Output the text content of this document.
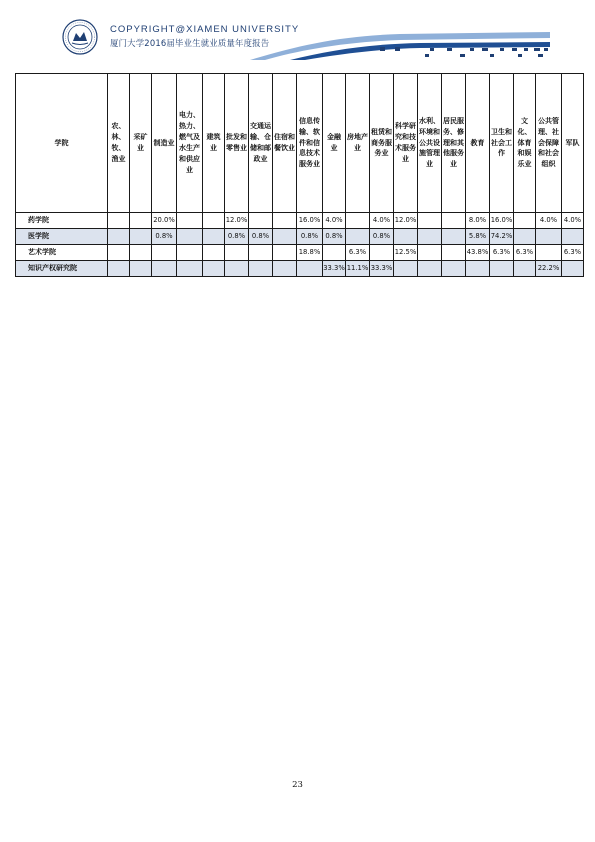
COPYRIGHT@XIAMEN UNIVERSITY
厦门大学2016届毕业生就业质量年度报告
学院	农、林、牧、渔业	采矿业	制造业	电力、热力、燃气及水生产和供应业	建筑业	批发和零售业	交通运输、仓储和邮政业	住宿和餐饮业	信息传输、软件和信息技术服务业	金融业	房地产业	租赁和商务服务业	科学研究和技术服务业	水利、环境和公共设施管理业	居民服务、修理和其他服务业	教育	卫生和社会工作	文化、体育和娱乐业	公共管理、社会保障和社会组织	军队

药学院			20.0%			12.0%			16.0%	4.0%		4.0%	12.0%			8.0%	16.0%		4.0%	4.0%
医学院			0.8%			0.8%	0.8%		0.8%	0.8%		0.8%				5.8%	74.2%			
艺术学院									18.8%		6.3%		12.5%			43.8%	6.3%	6.3%		6.3%
知识产权研究院										33.3%	11.1%	33.3%							22.2%	
23
